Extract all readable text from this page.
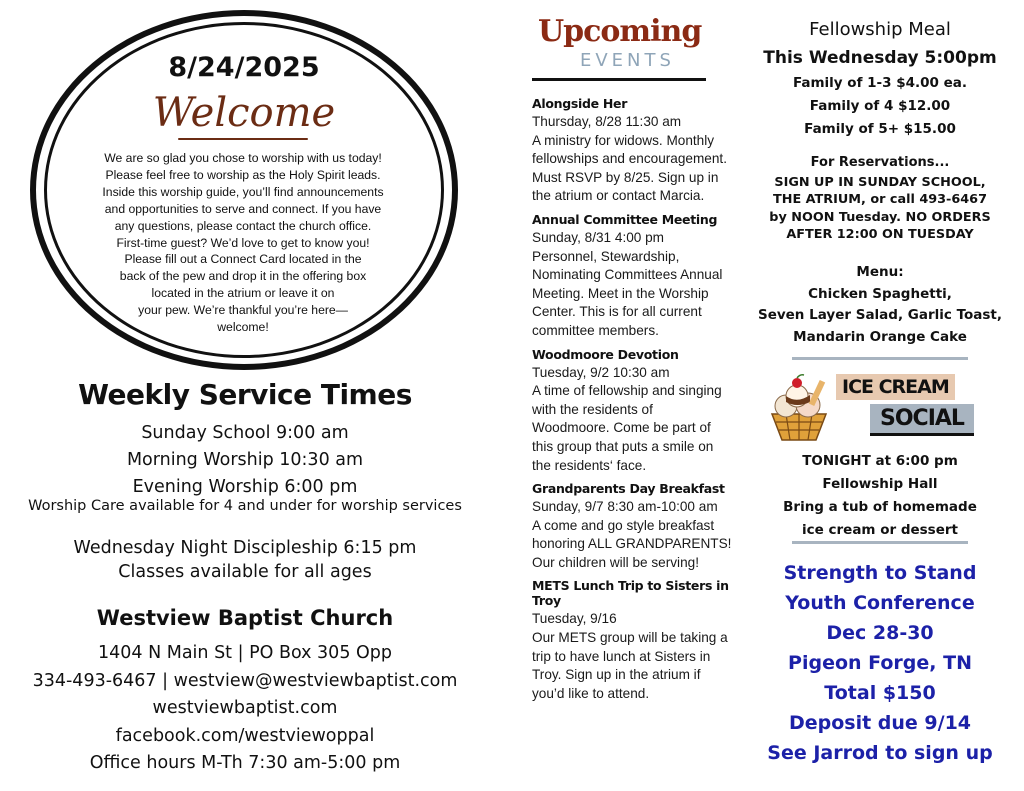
8/24/2025
Welcome
We are so glad you chose to worship with us today!
Please feel free to worship as the Holy Spirit leads.
Inside this worship guide, you’ll find announcements
and opportunities to serve and connect. If you have
any questions, please contact the church office.
First-time guest? We’d love to get to know you!
Please fill out a Connect Card located in the
back of the pew and drop it in the offering box
located in the atrium or leave it on
your pew. We’re thankful you’re here—
welcome!
Weekly Service Times
Sunday School 9:00 am
Morning Worship 10:30 am
Evening Worship 6:00 pm
Worship Care available for 4 and under for worship services
Wednesday Night Discipleship 6:15 pm
Classes available for all ages
Westview Baptist Church
1404 N Main St | PO Box 305 Opp
334-493-6467 | westview@westviewbaptist.com
westviewbaptist.com
facebook.com/westviewoppal
Office hours M-Th 7:30 am-5:00 pm
Upcoming
EVENTS
Alongside Her
Thursday, 8/28 11:30 am
A ministry for widows. Monthly
fellowships and encouragement.
Must RSVP by 8/25. Sign up in
the atrium or contact Marcia.
Annual Committee Meeting
Sunday, 8/31 4:00 pm
Personnel, Stewardship,
Nominating Committees Annual
Meeting. Meet in the Worship
Center. This is for all current
committee members.
Woodmoore Devotion
Tuesday, 9/2 10:30 am
A time of fellowship and singing
with the residents of
Woodmoore. Come be part of
this group that puts a smile on
the residents‘ face.
Grandparents Day Breakfast
Sunday, 9/7 8:30 am-10:00 am
A come and go style breakfast
honoring ALL GRANDPARENTS!
Our children will be serving!
METS Lunch Trip to Sisters in Troy
Tuesday, 9/16
Our METS group will be taking a
trip to have lunch at Sisters in
Troy. Sign up in the atrium if
you’d like to attend.
Fellowship Meal
This Wednesday 5:00pm
Family of 1-3 $4.00 ea.
Family of 4 $12.00
Family of 5+ $15.00
For Reservations...
SIGN UP IN SUNDAY SCHOOL,
THE ATRIUM, or call 493-6467
by NOON Tuesday. NO ORDERS
AFTER 12:00 ON TUESDAY
Menu:
Chicken Spaghetti,
Seven Layer Salad, Garlic Toast,
Mandarin Orange Cake
ICE CREAM
SOCIAL
TONIGHT at 6:00 pm
Fellowship Hall
Bring a tub of homemade
ice cream or dessert
Strength to Stand
Youth Conference
Dec 28-30
Pigeon Forge, TN
Total $150
Deposit due 9/14
See Jarrod to sign up
